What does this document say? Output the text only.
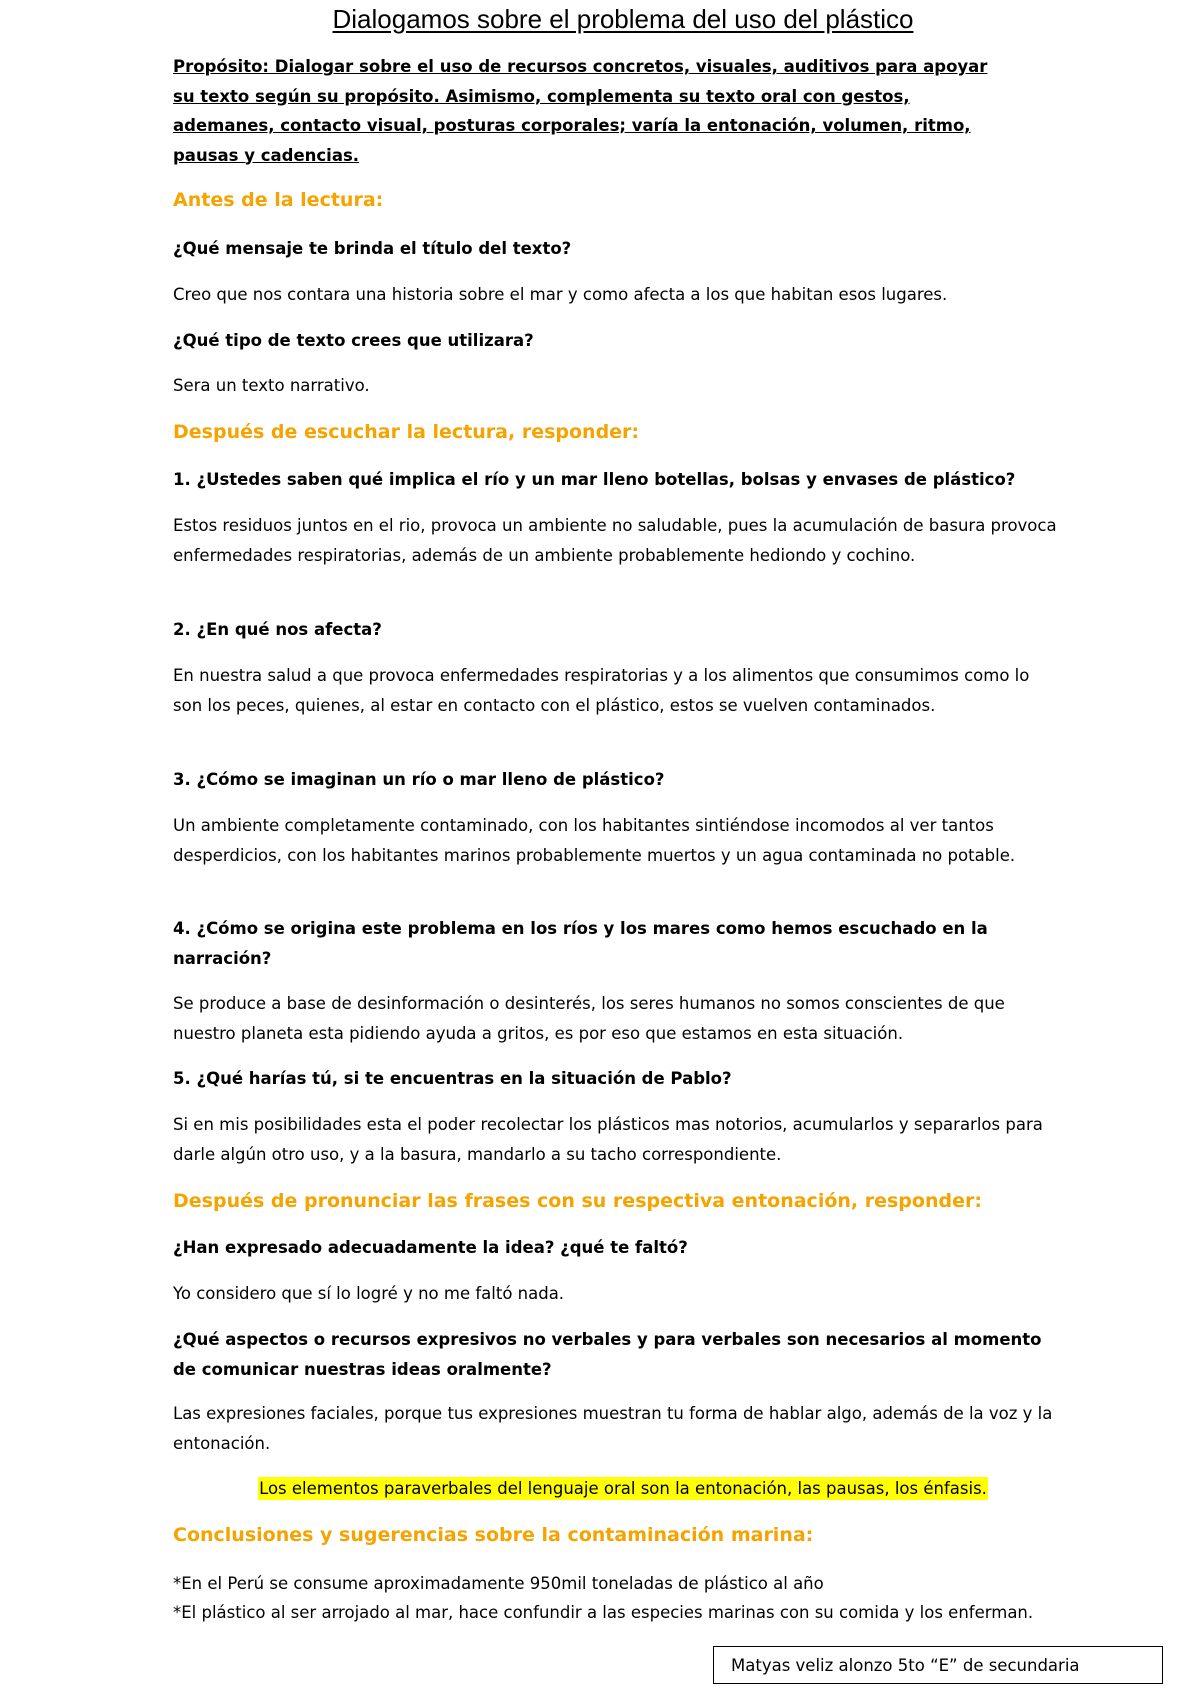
Dialogamos sobre el problema del uso del plástico

Propósito: Dialogar sobre el uso de recursos concretos, visuales, auditivos para apoyar su texto según su propósito. Asimismo, complementa su texto oral con gestos, ademanes, contacto visual, posturas corporales; varía la entonación, volumen, ritmo, pausas y cadencias.

Antes de la lectura:

¿Qué mensaje te brinda el título del texto?

Creo que nos contara una historia sobre el mar y como afecta a los que habitan esos lugares.

¿Qué tipo de texto crees que utilizara?

Sera un texto narrativo.

Después de escuchar la lectura, responder:

1. ¿Ustedes saben qué implica el río y un mar lleno botellas, bolsas y envases de plástico?

Estos residuos juntos en el rio, provoca un ambiente no saludable, pues la acumulación de basura provoca enfermedades respiratorias, además de un ambiente probablemente hediondo y cochino.

2. ¿En qué nos afecta?

En nuestra salud a que provoca enfermedades respiratorias y a los alimentos que consumimos como lo son los peces, quienes, al estar en contacto con el plástico, estos se vuelven contaminados.

3. ¿Cómo se imaginan un río o mar lleno de plástico?

Un ambiente completamente contaminado, con los habitantes sintiéndose incomodos al ver tantos desperdicios, con los habitantes marinos probablemente muertos y un agua contaminada no potable.

4. ¿Cómo se origina este problema en los ríos y los mares como hemos escuchado en la narración?

Se produce a base de desinformación o desinterés, los seres humanos no somos conscientes de que nuestro planeta esta pidiendo ayuda a gritos, es por eso que estamos en esta situación.

5. ¿Qué harías tú, si te encuentras en la situación de Pablo?

Si en mis posibilidades esta el poder recolectar los plásticos mas notorios, acumularlos y separarlos para darle algún otro uso, y a la basura, mandarlo a su tacho correspondiente.

Después de pronunciar las frases con su respectiva entonación, responder:

¿Han expresado adecuadamente la idea? ¿qué te faltó?

Yo considero que sí lo logré y no me faltó nada.

¿Qué aspectos o recursos expresivos no verbales y para verbales son necesarios al momento de comunicar nuestras ideas oralmente?

Las expresiones faciales, porque tus expresiones muestran tu forma de hablar algo, además de la voz y la entonación.

Los elementos paraverbales del lenguaje oral son la entonación, las pausas, los énfasis.

Conclusiones y sugerencias sobre la contaminación marina:

*En el Perú se consume aproximadamente 950mil toneladas de plástico al año

*El plástico al ser arrojado al mar, hace confundir a las especies marinas con su comida y los enferman.

Matyas veliz alonzo 5to “E” de secundaria
